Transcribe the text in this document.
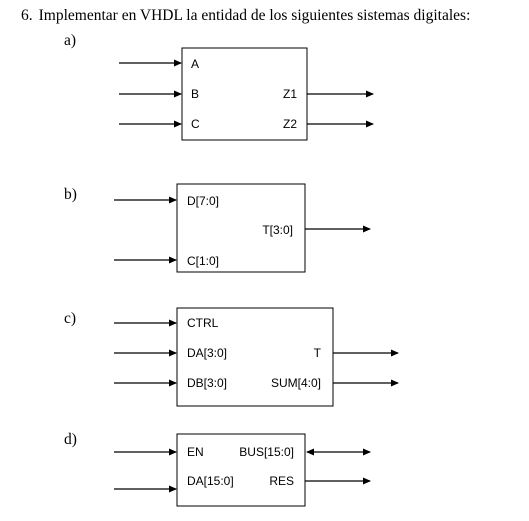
6. Implementar en VHDL la entidad de los siguientes sistemas digitales:
a)
b)
c)
d)
A
B
C
Z1
Z2
D[7:0]
C[1:0]
T[3:0]
CTRL
DA[3:0]
DB[3:0]
T
SUM[4:0]
EN
DA[15:0]
BUS[15:0]
RES
